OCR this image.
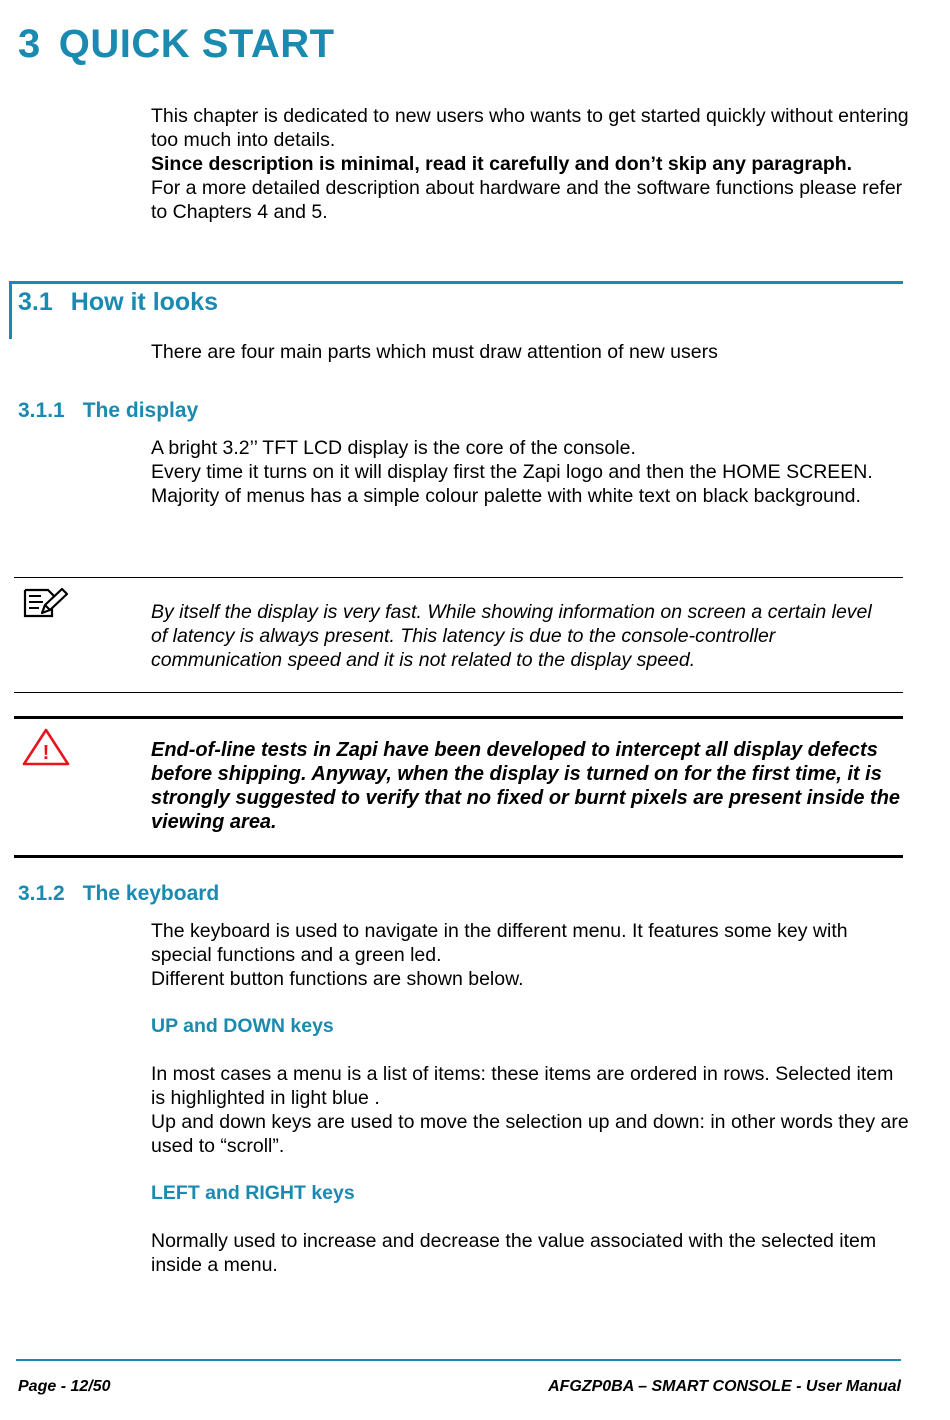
3 QUICK START

This chapter is dedicated to new users who wants to get started quickly without entering too much into details.

Since description is minimal, read it carefully and don’t skip any paragraph.

For a more detailed description about hardware and the software functions please refer to Chapters 4 and 5.

3.1 How it looks
There are four main parts which must draw attention of new users
3.1.1 The display

A bright 3.2’’ TFT LCD display is the core of the console.

Every time it turns on it will display first the Zapi logo and then the HOME SCREEN.

Majority of menus has a simple colour palette with white text on black background.

By itself the display is very fast. While showing information on screen a certain level of latency is always present. This latency is due to the console-controller communication speed and it is not related to the display speed.

!	End-of-line tests in Zapi have been developed to intercept all display defects before shipping. Anyway, when the display is turned on for the first time, it is strongly suggested to verify that no fixed or burnt pixels are present inside the viewing area.

3.1.2 The keyboard

The keyboard is used to navigate in the different menu. It features some key with special functions and a green led.

Different button functions are shown below.

UP and DOWN keys

In most cases a menu is a list of items: these items are ordered in rows. Selected item is highlighted in light blue .

Up and down keys are used to move the selection up and down: in other words they are used to “scroll”.

LEFT and RIGHT keys

Normally used to increase and decrease the value associated with the selected item inside a menu.

Page - 12/50	AFGZP0BA – SMART CONSOLE - User Manual
